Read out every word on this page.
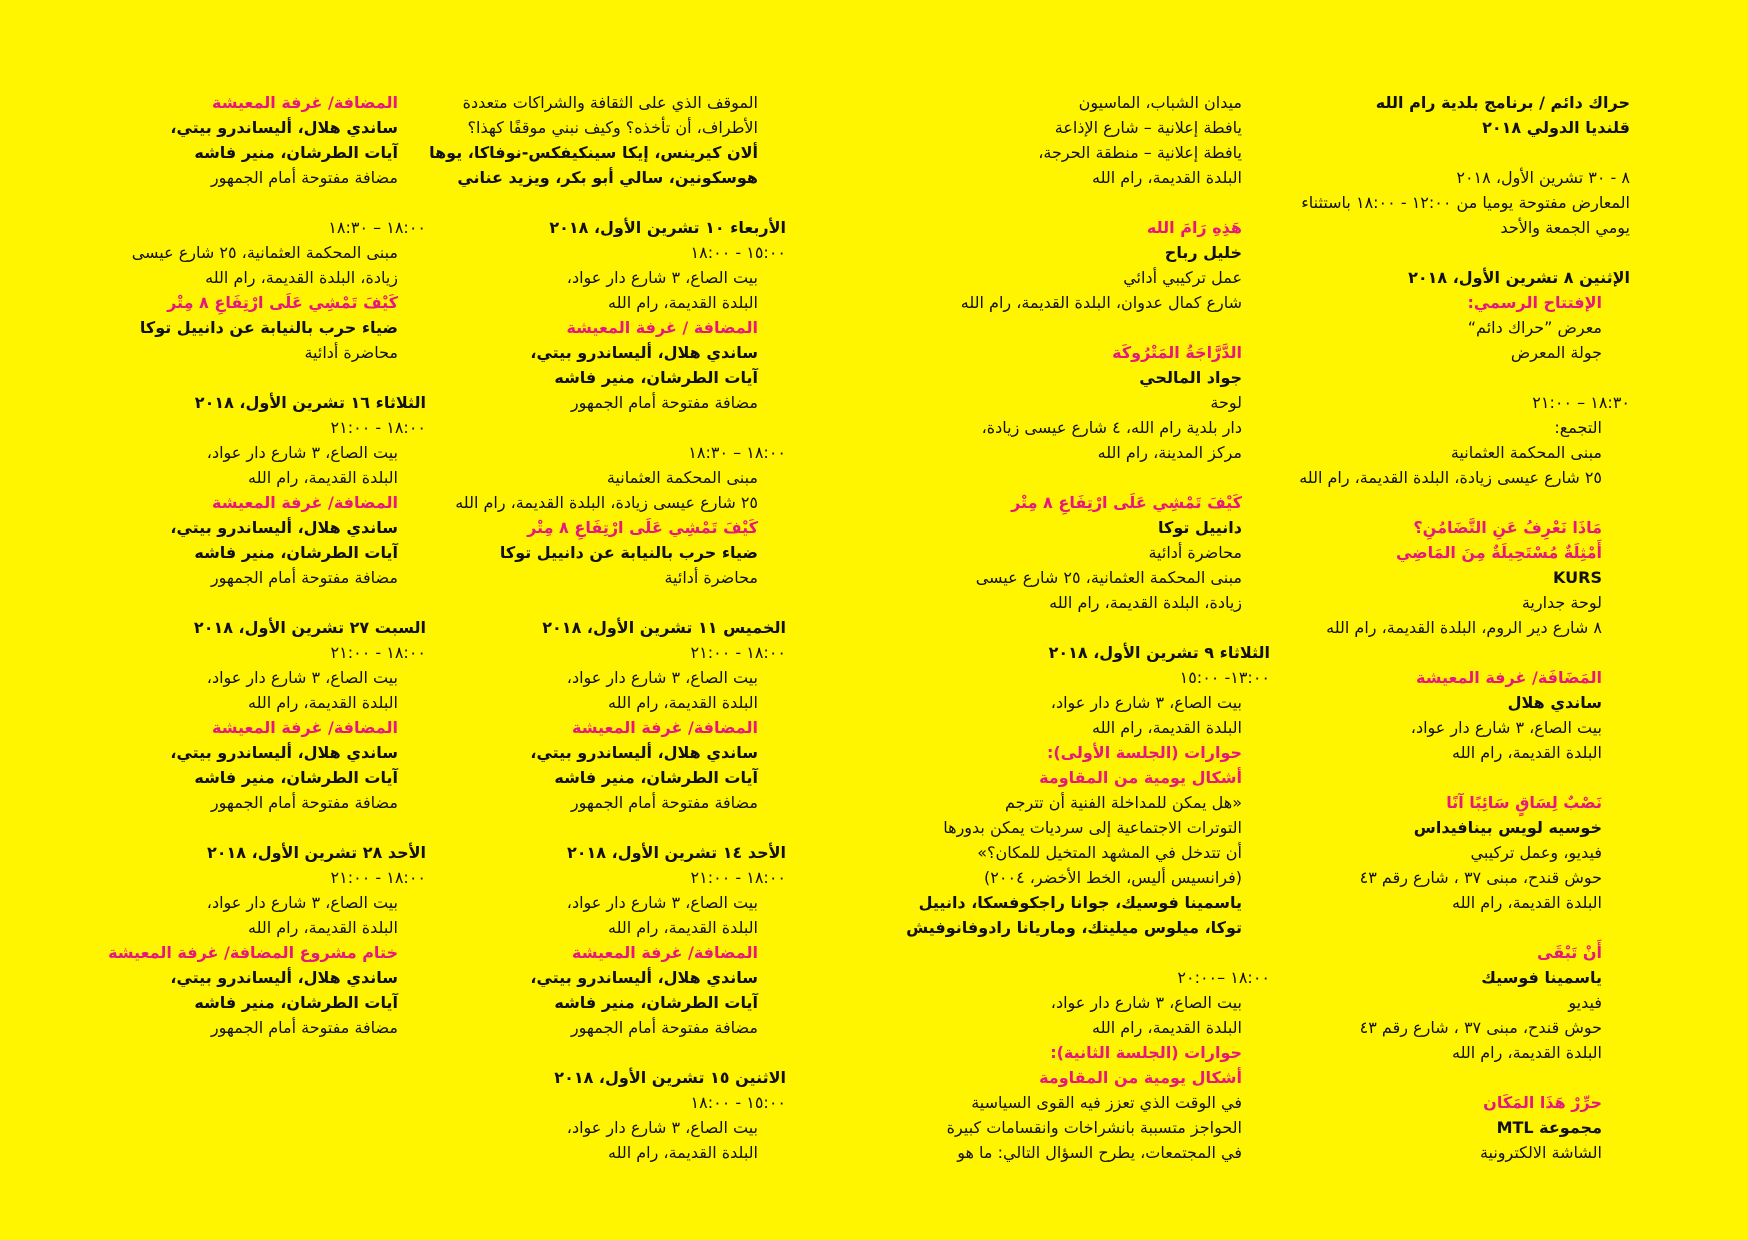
حراك دائم / برنامج بلدية رام الله
قلنديا الدولي ٢٠١٨
٨ - ٣٠ تشرين الأول، ٢٠١٨
المعارض مفتوحة يوميا من ١٢:٠٠ - ١٨:٠٠ باستثناء
يومي الجمعة والأحد
الإثنين ٨ تشرين الأول، ٢٠١٨
الإفتتاح الرسمي:
معرض ”حراك دائم“
جولة المعرض
١٨:٣٠ – ٢١:٠٠
التجمع:
مبنى المحكمة العثمانية
٢٥ شارع عيسى زيادة، البلدة القديمة، رام الله
مَاذَا نَعْرِفُ عَنِ التَّضَامُنِ؟
أَمْثِلَةٌ مُسْتَحِيلَةٌ مِنَ المَاضِي
KURS
لوحة جدارية
٨ شارع دير الروم، البلدة القديمة، رام الله
المَضَافَة/ غرفة المعيشة
ساندي هلال
بيت الصاع، ٣ شارع دار عواد،
البلدة القديمة، رام الله
نَصْبٌ لِسَاقٍ سَائِبًا آنًا
خوسيه لويس بينافيداس
فيديو، وعمل تركيبي
حوش قندح، مبنى ٣٧ ، شارع رقم ٤٣
البلدة القديمة، رام الله
أَنْ تَبْقَى
ياسمينا فوسيك
فيديو
حوش قندح، مبنى ٣٧ ، شارع رقم ٤٣
البلدة القديمة، رام الله
حرِّرْ هَذَا المَكَان
مجموعة MTL
الشاشة الالكترونية
ميدان الشباب، الماسيون
يافطة إعلانية – شارع الإذاعة
يافطة إعلانية – منطقة الحرجة،
البلدة القديمة، رام الله
هَذِهِ رَامَ الله
خليل رباح
عمل تركيبي أدائي
شارع كمال عدوان، البلدة القديمة، رام الله
الدَّرَّاجَةُ المَتْرُوكَة
جواد المالحي
لوحة
دار بلدية رام الله، ٤ شارع عيسى زيادة،
مركز المدينة، رام الله
كَيْفَ تَمْشِي عَلَى ارْتِفَاعِ ٨ مِتْر
دانييل توكا
محاضرة أدائية
مبنى المحكمة العثمانية، ٢٥ شارع عيسى
زيادة، البلدة القديمة، رام الله
الثلاثاء ٩ تشرين الأول، ٢٠١٨
١٣:٠٠- ١٥:٠٠
بيت الصاع، ٣ شارع دار عواد،
البلدة القديمة، رام الله
حوارات (الجلسة الأولى):
أشكال يومية من المقاومة
«هل يمكن للمداخلة الفنية أن تترجم
التوترات الاجتماعية إلى سرديات يمكن بدورها
أن تتدخل في المشهد المتخيل للمكان؟»
(فرانسيس أليس، الخط الأخضر، ٢٠٠٤)
ياسمينا فوسيك، جوانا راجكوفسكا، دانييل
توكا، ميلوس ميليتك، وماريانا رادوفانوفيش
١٨:٠٠ –٢٠:٠٠
بيت الصاع، ٣ شارع دار عواد،
البلدة القديمة، رام الله
حوارات (الجلسة الثانية):
أشكال يومية من المقاومة
في الوقت الذي تعزز فيه القوى السياسية
الحواجز متسببة بانشراخات وانقسامات كبيرة
في المجتمعات، يطرح السؤال التالي: ما هو
الموقف الذي على الثقافة والشراكات متعددة
الأطراف، أن تأخذه؟ وكيف نبني موقفًا كهذا؟
ألان كيرينس، إيكا سينكيفكس-نوفاكا، يوها
هوسكونين، سالي أبو بكر، ويزيد عناني
الأربعاء ١٠ تشرين الأول، ٢٠١٨
١٥:٠٠ - ١٨:٠٠
بيت الصاع، ٣ شارع دار عواد،
البلدة القديمة، رام الله
المضافة / غرفة المعيشة
ساندي هلال، أليساندرو بيتي،
آيات الطرشان، منير فاشه
مضافة مفتوحة أمام الجمهور
١٨:٠٠ – ١٨:٣٠
مبنى المحكمة العثمانية
٢٥ شارع عيسى زيادة، البلدة القديمة، رام الله
كَيْفَ تَمْشِي عَلَى ارْتِفَاعِ ٨ مِتْر
ضياء حرب بالنيابة عن دانييل توكا
محاضرة أدائية
الخميس ١١ تشرين الأول، ٢٠١٨
١٨:٠٠ - ٢١:٠٠
بيت الصاع، ٣ شارع دار عواد،
البلدة القديمة، رام الله
المضافة/ غرفة المعيشة
ساندي هلال، أليساندرو بيتي،
آيات الطرشان، منير فاشه
مضافة مفتوحة أمام الجمهور
الأحد ١٤ تشرين الأول، ٢٠١٨
١٨:٠٠ - ٢١:٠٠
بيت الصاع، ٣ شارع دار عواد،
البلدة القديمة، رام الله
المضافة/ غرفة المعيشة
ساندي هلال، أليساندرو بيتي،
آيات الطرشان، منير فاشه
مضافة مفتوحة أمام الجمهور
الاثنين ١٥ تشرين الأول، ٢٠١٨
١٥:٠٠ - ١٨:٠٠
بيت الصاع، ٣ شارع دار عواد،
البلدة القديمة، رام الله
المضافة/ غرفة المعيشة
ساندي هلال، أليساندرو بيتي،
آيات الطرشان، منير فاشه
مضافة مفتوحة أمام الجمهور
١٨:٠٠ – ١٨:٣٠
مبنى المحكمة العثمانية، ٢٥ شارع عيسى
زيادة، البلدة القديمة، رام الله
كَيْفَ تَمْشِي عَلَى ارْتِفَاعِ ٨ مِتْر
ضياء حرب بالنيابة عن دانييل توكا
محاضرة أدائية
الثلاثاء ١٦ تشرين الأول، ٢٠١٨
١٨:٠٠ - ٢١:٠٠
بيت الصاع، ٣ شارع دار عواد،
البلدة القديمة، رام الله
المضافة/ غرفة المعيشة
ساندي هلال، أليساندرو بيتي،
آيات الطرشان، منير فاشه
مضافة مفتوحة أمام الجمهور
السبت ٢٧ تشرين الأول، ٢٠١٨
١٨:٠٠ - ٢١:٠٠
بيت الصاع، ٣ شارع دار عواد،
البلدة القديمة، رام الله
المضافة/ غرفة المعيشة
ساندي هلال، أليساندرو بيتي،
آيات الطرشان، منير فاشه
مضافة مفتوحة أمام الجمهور
الأحد ٢٨ تشرين الأول، ٢٠١٨
١٨:٠٠ - ٢١:٠٠
بيت الصاع، ٣ شارع دار عواد،
البلدة القديمة، رام الله
ختام مشروع المضافة/ غرفة المعيشة
ساندي هلال، أليساندرو بيتي،
آيات الطرشان، منير فاشه
مضافة مفتوحة أمام الجمهور
